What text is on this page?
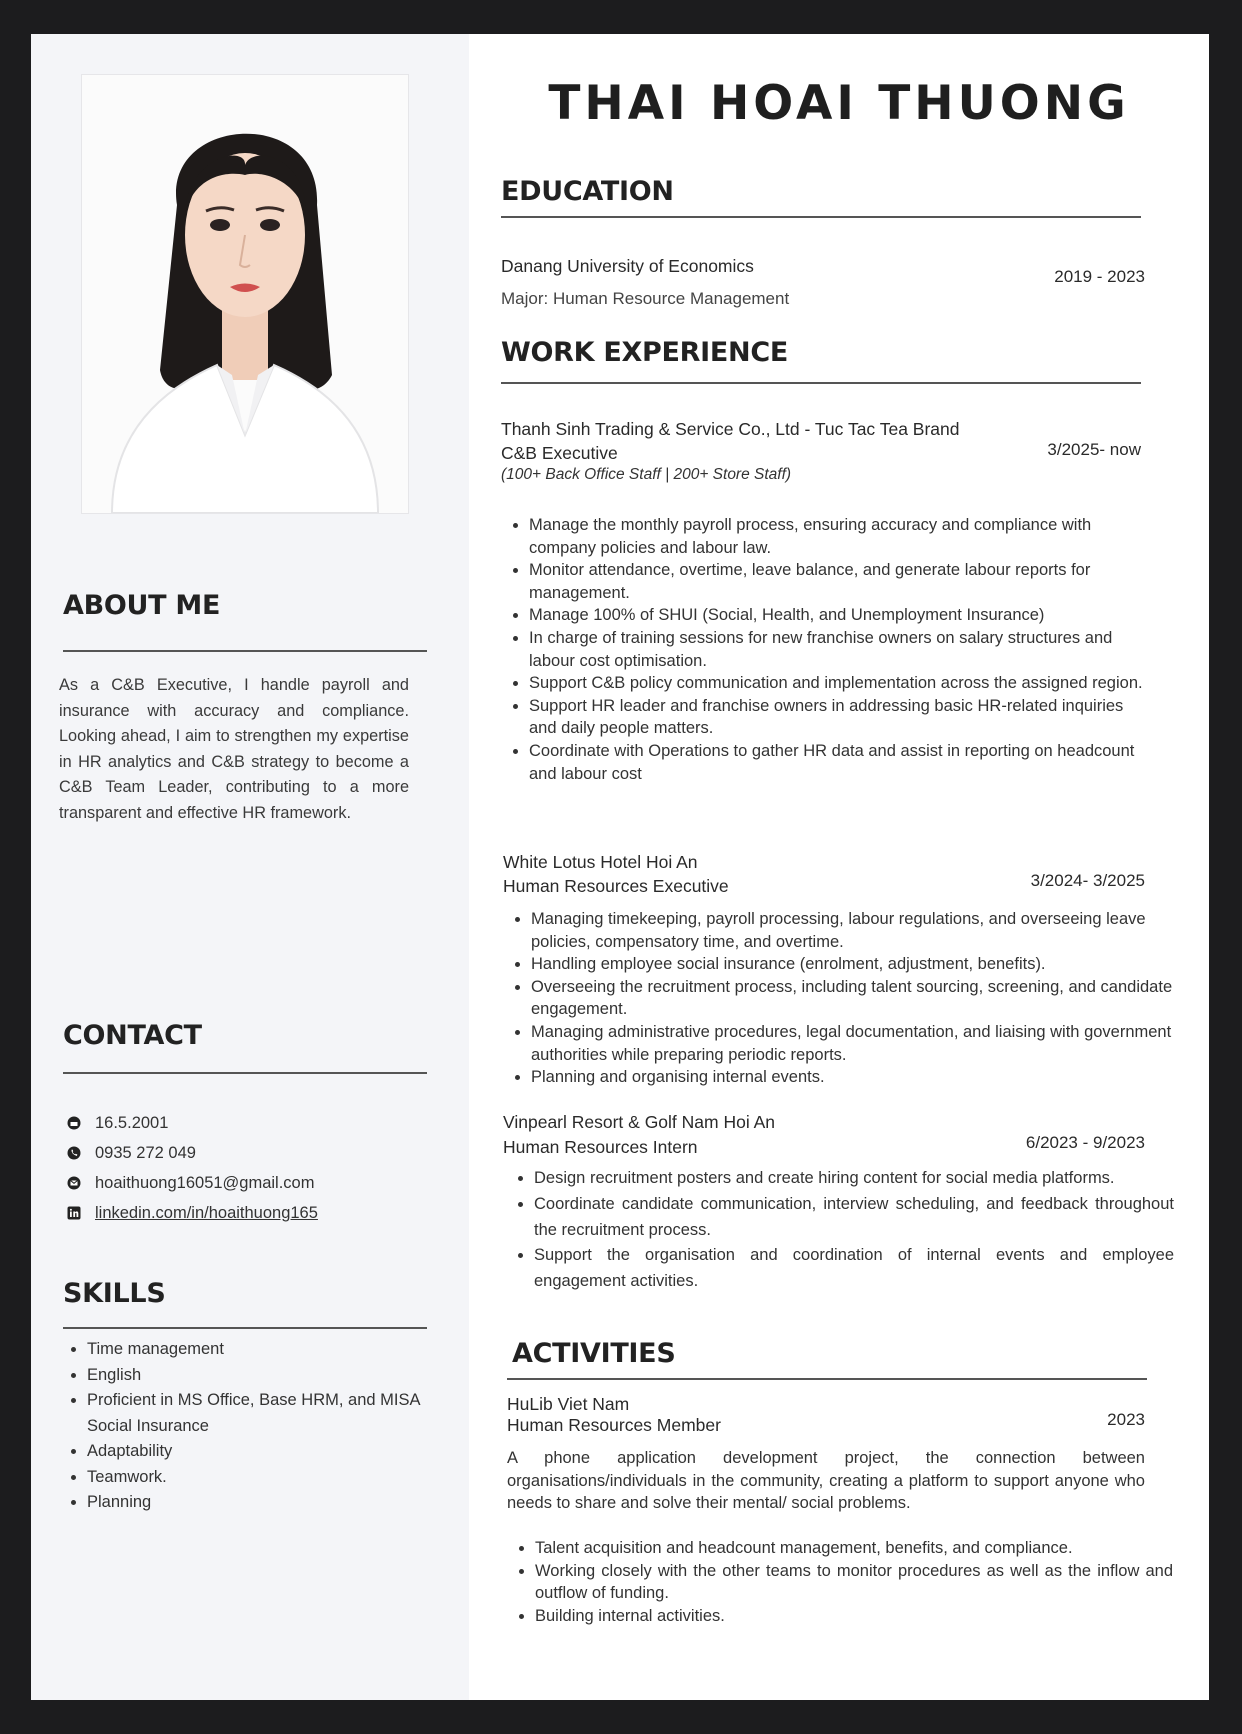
ABOUT ME

As a C&B Executive, I handle payroll and insurance with accuracy and compliance. Looking ahead, I aim to strengthen my expertise in HR analytics and C&B strategy to become a C&B Team Leader, contributing to a more transparent and effective HR framework.

CONTACT
16.5.2001
0935 272 049
hoaithuong16051@gmail.com
linkedin.com/in/hoaithuong165
SKILLS
• Time management
• English
• Proficient in MS Office, Base HRM, and MISA Social Insurance
• Adaptability
• Teamwork.
• Planning
THAI HOAI THUONG
EDUCATION
Danang University of Economics
Major: Human Resource Management
2019 - 2023
WORK EXPERIENCE
Thanh Sinh Trading & Service Co., Ltd - Tuc Tac Tea Brand
C&B Executive
(100+ Back Office Staff | 200+ Store Staff)
3/2025- now
• Manage the monthly payroll process, ensuring accuracy and compliance with company policies and labour law.
• Monitor attendance, overtime, leave balance, and generate labour reports for management.
• Manage 100% of SHUI (Social, Health, and Unemployment Insurance)
• In charge of training sessions for new franchise owners on salary structures and labour cost optimisation.
• Support C&B policy communication and implementation across the assigned region.
• Support HR leader and franchise owners in addressing basic HR-related inquiries and daily people matters.
• Coordinate with Operations to gather HR data and assist in reporting on headcount and labour cost
White Lotus Hotel Hoi An
Human Resources Executive	3/2024- 3/2025
• Managing timekeeping, payroll processing, labour regulations, and overseeing leave policies, compensatory time, and overtime.
• Handling employee social insurance (enrolment, adjustment, benefits).
• Overseeing the recruitment process, including talent sourcing, screening, and candidate engagement.
• Managing administrative procedures, legal documentation, and liaising with government authorities while preparing periodic reports.
• Planning and organising internal events.
Vinpearl Resort & Golf Nam Hoi An
Human Resources Intern	6/2023 - 9/2023
• Design recruitment posters and create hiring content for social media platforms.
• Coordinate candidate communication, interview scheduling, and feedback throughout the recruitment process.
• Support the organisation and coordination of internal events and employee engagement activities.
ACTIVITIES
HuLib Viet Nam
Human Resources Member	2023

A phone application development project, the connection between organisations/individuals in the community, creating a platform to support anyone who needs to share and solve their mental/ social problems.

• Talent acquisition and headcount management, benefits, and compliance.
• Working closely with the other teams to monitor procedures as well as the inflow and outflow of funding.
• Building internal activities.
